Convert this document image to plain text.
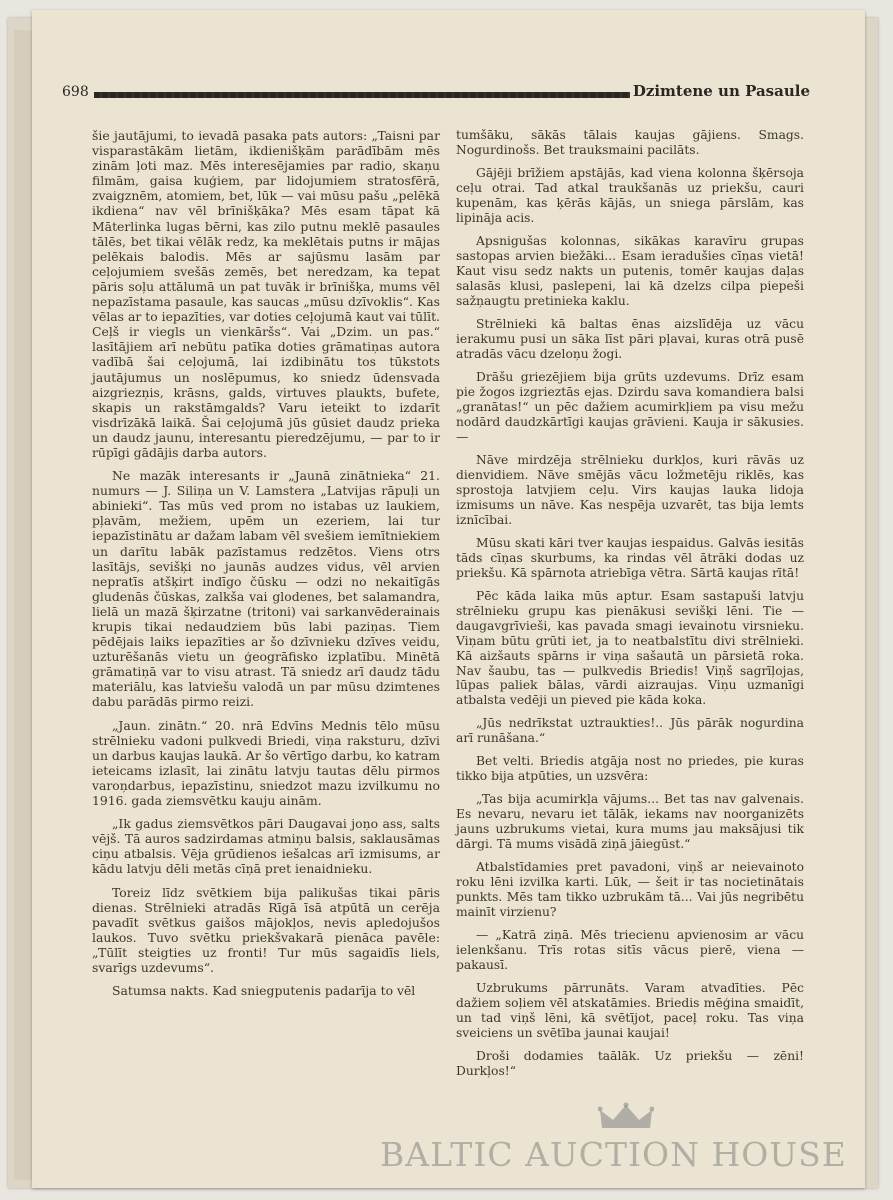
698	Dzimtene un Pasaule

šie jautājumi, to ievadā pasaka pats autors: „Taisni par visparastākām lietām, ikdienišķām parādībām mēs zinām ļoti maz. Mēs interesējamies par radio, skaņu filmām, gaisa kuģiem, par lidojumiem stratosfērā, zvaigznēm, atomiem, bet, lūk — vai mūsu pašu „pelēkā ikdiena“ nav vēl brīnišķāka? Mēs esam tāpat kā Māterlinka lugas bērni, kas zilo putnu meklē pasaules tālēs, bet tikai vēlāk redz, ka meklētais putns ir mājas pelēkais balodis. Mēs ar sajūsmu lasām par ceļojumiem svešās zemēs, bet neredzam, ka tepat pāris soļu attālumā un pat tuvāk ir brīnišķa, mums vēl nepazīstama pasaule, kas saucas „mūsu dzīvoklis“. Kas vēlas ar to iepazīties, var doties ceļojumā kaut vai tūlīt. Ceļš ir viegls un vienkāršs“. Vai „Dzim. un pas.“ lasītājiem arī nebūtu patīka doties grāmatiņas autora vadībā šai ceļojumā, lai izdibinātu tos tūkstots jautājumus un noslēpumus, ko sniedz ūdensvada aizgriezņis, krāsns, galds, virtuves plaukts, bufete, skapis un rakstāmgalds? Varu ieteikt to izdarīt visdrīzākā laikā. Šai ceļojumā jūs gūsiet daudz prieka un daudz jaunu, interesantu pieredzējumu, — par to ir rūpīgi gādājis darba autors.

Ne mazāk interesants ir „Jaunā zinātnieka“ 21. numurs — J. Siliņa un V. Lamstera „Latvijas rāpuļi un abinieki“. Tas mūs ved prom no istabas uz laukiem, pļavām, mežiem, upēm un ezeriem, lai tur iepazīstinātu ar dažam labam vēl svešiem iemītniekiem un darītu labāk pazīstamus redzētos. Viens otrs lasītājs, sevišķi no jaunās audzes vidus, vēl arvien nepratīs atšķirt indīgo čūsku — odzi no nekaitīgās gludenās čūskas, zalkša vai glodenes, bet salamandra, lielā un mazā šķirzatne (tritoni) vai sarkanvēderainais krupis tikai nedaudziem būs labi paziņas. Tiem pēdējais laiks iepazīties ar šo dzīvnieku dzīves veidu, uzturēšanās vietu un ģeogrāfisko izplatību. Minētā grāmatiņā var to visu atrast. Tā sniedz arī daudz tādu materiālu, kas latviešu valodā un par mūsu dzimtenes dabu parādās pirmo reizi.

„Jaun. zinātn.“ 20. nrā Edvīns Mednis tēlo mūsu strēlnieku vadoni pulkvedi Briedi, viņa raksturu, dzīvi un darbus kaujas laukā. Ar šo vērtīgo darbu, ko katram ieteicams izlasīt, lai zinātu latvju tautas dēlu pirmos varoņdarbus, iepazīstinu, sniedzot mazu izvilkumu no 1916. gada ziemsvētku kauju ainām.

„Ik gadus ziemsvētkos pāri Daugavai joņo ass, salts vējš. Tā auros sadzirdamas atmiņu balsis, saklausāmas ciņu atbalsis. Vēja grūdienos iešalcas arī izmisums, ar kādu latvju dēli metās cīņā pret ienaidnieku.

Toreiz līdz svētkiem bija palikušas tikai pāris dienas. Strēlnieki atradās Rīgā īsā atpūtā un cerēja pavadīt svētkus gaišos mājokļos, nevis apledojušos laukos. Tuvo svētku priekšvakarā pienāca pavēle: „Tūlīt steigties uz fronti! Tur mūs sagaidīs liels, svarīgs uzdevums“.

Satumsa nakts. Kad sniegputenis padarīja to vēl

tumšāku, sākās tālais kaujas gājiens. Smags. Nogurdinošs. Bet trauksmaini pacilāts.

Gājēji brīžiem apstājās, kad viena kolonna šķērsoja ceļu otrai. Tad atkal traukšanās uz priekšu, cauri kupenām, kas ķērās kājās, un sniega pārslām, kas lipināja acis.

Apsnigušas kolonnas, sikākas karavīru grupas sastopas arvien biežāki... Esam ieradušies cīņas vietā! Kaut visu sedz nakts un putenis, tomēr kaujas daļas salasās klusi, paslepeni, lai kā dzelzs cilpa piepeši sažņaugtu pretinieka kaklu.

Strēlnieki kā baltas ēnas aizslīdēja uz vācu ierakumu pusi un sāka līst pāri pļavai, kuras otrā pusē atradās vācu dzeloņu žogi.

Drāšu griezējiem bija grūts uzdevums. Drīz esam pie žogos izgrieztās ejas. Dzirdu sava komandiera balsi „granātas!“ un pēc dažiem acumirkļiem pa visu mežu nodārd daudzkārtīgi kaujas grāvieni. Kauja ir sākusies. —

Nāve mirdzēja strēlnieku durkļos, kuri rāvās uz dienvidiem. Nāve smējās vācu ložmetēju riklēs, kas sprostoja latvjiem ceļu. Virs kaujas lauka lidoja izmisums un nāve. Kas nespēja uzvarēt, tas bija lemts iznīcībai.

Mūsu skati kāri tver kaujas iespaidus. Galvās iesitās tāds cīņas skurbums, ka rindas vēl ātrāki dodas uz priekšu. Kā spārnota atriebīga vētra. Sārtā kaujas rītā!

Pēc kāda laika mūs aptur. Esam sastapuši latvju strēlnieku grupu kas pienākusi sevišķi lēni. Tie — daugavgrīvieši, kas pavada smagi ievainotu virsnieku. Viņam būtu grūti iet, ja to neatbalstītu divi strēlnieki. Kā aizšauts spārns ir viņa sašautā un pārsietā roka. Nav šaubu, tas — pulkvedis Briedis! Viņš sagrīļojas, lūpas paliek bālas, vārdi aizraujas. Viņu uzmanīgi atbalsta vedēji un pieved pie kāda koka.

„Jūs nedrīkstat uztraukties!.. Jūs pārāk nogurdina arī runāšana.“

Bet velti. Briedis atgāja nost no priedes, pie kuras tikko bija atpūties, un uzsvēra:

„Tas bija acumirkļa vājums... Bet tas nav galvenais. Es nevaru, nevaru iet tālāk, iekams nav noorganizēts jauns uzbrukums vietai, kura mums jau maksājusi tik dārgi. Tā mums visādā ziņā jāiegūst.“

Atbalstīdamies pret pavadoni, viņš ar neievainoto roku lēni izvilka karti. Lūk, — šeit ir tas nocietinātais punkts. Mēs tam tikko uzbrukām tā... Vai jūs negribētu mainīt virzienu?

— „Katrā ziņā. Mēs triecienu apvienosim ar vācu ielenkšanu. Trīs rotas sitīs vācus pierē, viena — pakausī.

Uzbrukums pārrunāts. Varam atvadīties. Pēc dažiem soļiem vēl atskatāmies. Briedis mēģina smaidīt, un tad viņš lēni, kā svētījot, paceļ roku. Tas viņa sveiciens un svētība jaunai kaujai!

Droši dodamies taālāk. Uz priekšu — zēni! Durkļos!“

BALTIC AUCTION HOUSE
